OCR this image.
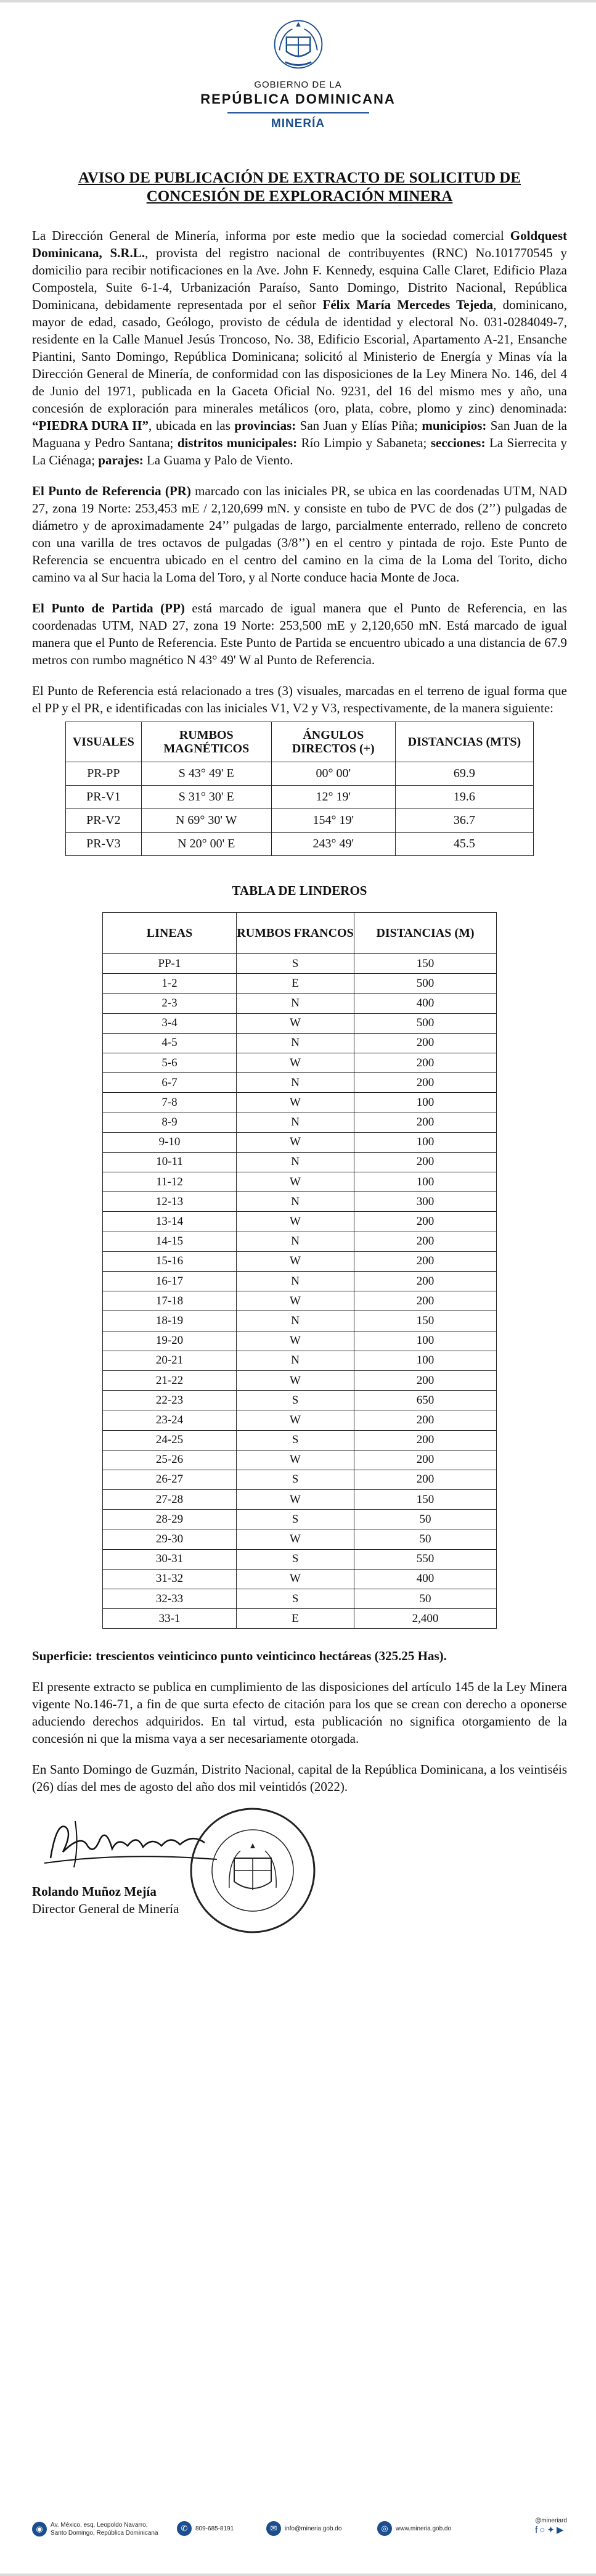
GOBIERNO DE LA
REPÚBLICA DOMINICANA
MINERÍA
AVISO DE PUBLICACIÓN DE EXTRACTO DE SOLICITUD DE
CONCESIÓN DE EXPLORACIÓN MINERA

La Dirección General de Minería, informa por este medio que la sociedad comercial Goldquest Dominicana, S.R.L., provista del registro nacional de contribuyentes (RNC) No.101770545 y domicilio para recibir notificaciones en la Ave. John F. Kennedy, esquina Calle Claret, Edificio Plaza Compostela, Suite 6-1-4, Urbanización Paraíso, Santo Domingo, Distrito Nacional, República Dominicana, debidamente representada por el señor Félix María Mercedes Tejeda, dominicano, mayor de edad, casado, Geólogo, provisto de cédula de identidad y electoral No. 031-0284049-7, residente en la Calle Manuel Jesús Troncoso, No. 38, Edificio Escorial, Apartamento A-21, Ensanche Piantini, Santo Domingo, República Dominicana; solicitó al Ministerio de Energía y Minas vía la Dirección General de Minería, de conformidad con las disposiciones de la Ley Minera No. 146, del 4 de Junio del 1971, publicada en la Gaceta Oficial No. 9231, del 16 del mismo mes y año, una concesión de exploración para minerales metálicos (oro, plata, cobre, plomo y zinc) denominada: “PIEDRA DURA II”, ubicada en las provincias: San Juan y Elías Piña; municipios: San Juan de la Maguana y Pedro Santana; distritos municipales: Río Limpio y Sabaneta; secciones: La Sierrecita y La Ciénaga; parajes: La Guama y Palo de Viento.

El Punto de Referencia (PR) marcado con las iniciales PR, se ubica en las coordenadas UTM, NAD 27, zona 19 Norte: 253,453 mE / 2,120,699 mN. y consiste en tubo de PVC de dos (2’’) pulgadas de diámetro y de aproximadamente 24’’ pulgadas de largo, parcialmente enterrado, relleno de concreto con una varilla de tres octavos de pulgadas (3/8’’) en el centro y pintada de rojo. Este Punto de Referencia se encuentra ubicado en el centro del camino en la cima de la Loma del Torito, dicho camino va al Sur hacia la Loma del Toro, y al Norte conduce hacia Monte de Joca.

El Punto de Partida (PP) está marcado de igual manera que el Punto de Referencia, en las coordenadas UTM, NAD 27, zona 19 Norte: 253,500 mE y 2,120,650 mN. Está marcado de igual manera que el Punto de Referencia. Este Punto de Partida se encuentro ubicado a una distancia de 67.9 metros con rumbo magnético N 43° 49' W al Punto de Referencia.

El Punto de Referencia está relacionado a tres (3) visuales, marcadas en el terreno de igual forma que el PP y el PR, e identificadas con las iniciales V1, V2 y V3, respectivamente, de la manera siguiente:

VISUALES	RUMBOS MAGNÉTICOS	ÁNGULOS DIRECTOS (+)	DISTANCIAS (MTS)
PR-PP	S 43° 49' E	00° 00'	69.9
PR-V1	S 31° 30' E	12° 19'	19.6
PR-V2	N 69° 30' W	154° 19'	36.7
PR-V3	N 20° 00' E	243° 49'	45.5
TABLA DE LINDEROS
LINEAS	RUMBOS FRANCOS	DISTANCIAS (M)
PP-1	S	150
1-2	E	500
2-3	N	400
3-4	W	500
4-5	N	200
5-6	W	200
6-7	N	200
7-8	W	100
8-9	N	200
9-10	W	100
10-11	N	200
11-12	W	100
12-13	N	300
13-14	W	200
14-15	N	200
15-16	W	200
16-17	N	200
17-18	W	200
18-19	N	150
19-20	W	100
20-21	N	100
21-22	W	200
22-23	S	650
23-24	W	200
24-25	S	200
25-26	W	200
26-27	S	200
27-28	W	150
28-29	S	50
29-30	W	50
30-31	S	550
31-32	W	400
32-33	S	50
33-1	E	2,400

Superficie: trescientos veinticinco punto veinticinco hectáreas (325.25 Has).

El presente extracto se publica en cumplimiento de las disposiciones del artículo 145 de la Ley Minera vigente No.146-71, a fin de que surta efecto de citación para los que se crean con derecho a oponerse aduciendo derechos adquiridos. En tal virtud, esta publicación no significa otorgamiento de la concesión ni que la misma vaya a ser necesariamente otorgada.

En Santo Domingo de Guzmán, Distrito Nacional, capital de la República Dominicana, a los veintiséis (26) días del mes de agosto del año dos mil veintidós (2022).

Rolando Muñoz Mejía
Director General de Minería
◉	Av. México, esq. Leopoldo Navarro,
Santo Domingo, República Dominicana
✆	809-685-8191	✉	info@mineria.gob.do	◎	www.mineria.gob.do
@mineriard
f○✦▶
